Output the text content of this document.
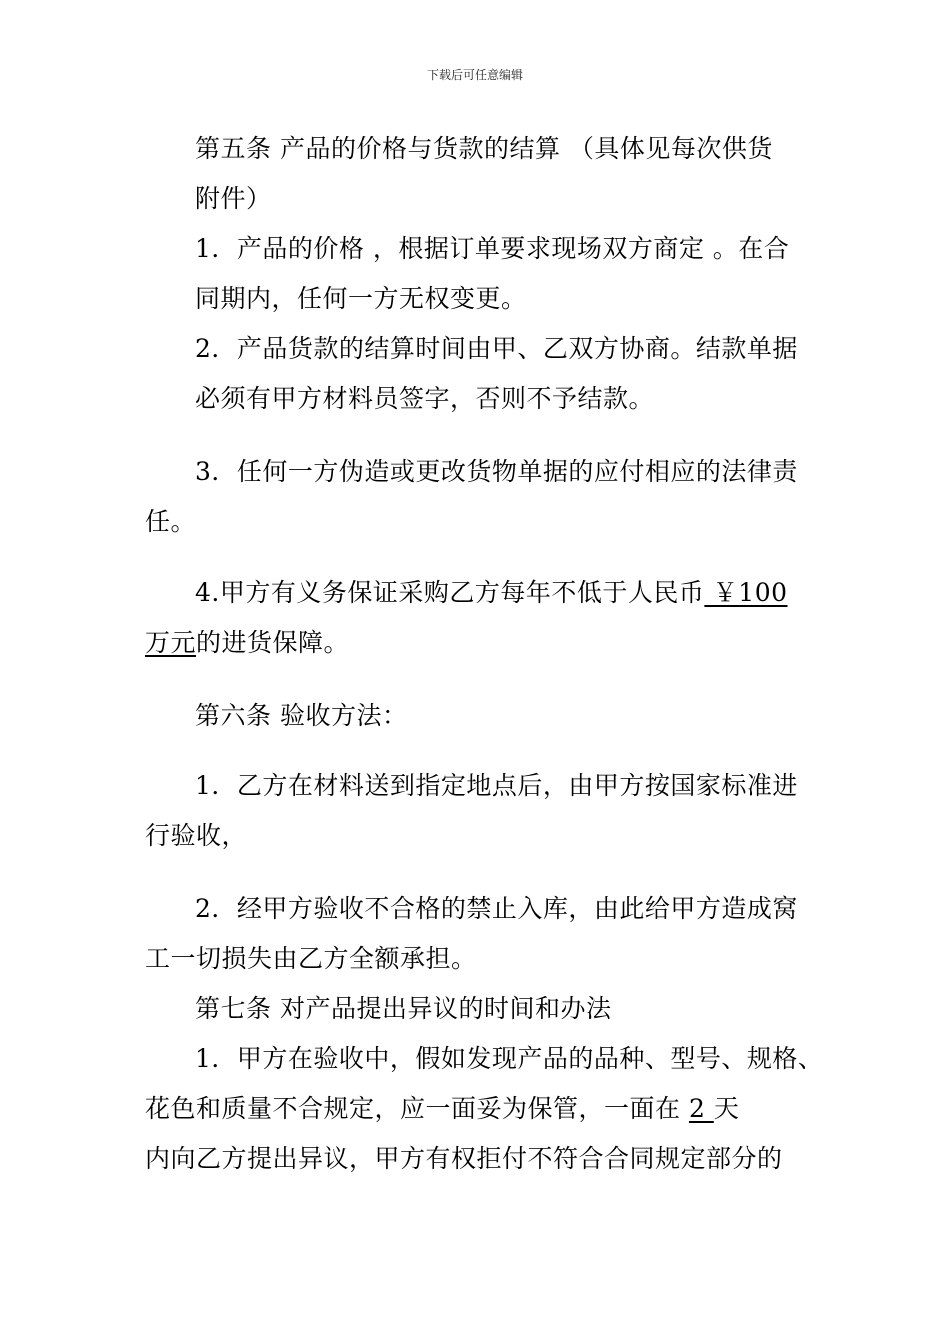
下载后可任意编辑
第五条 产品的价格与货款的结算 （具体见每次供货
附件）
1．产品的价格 ，根据订单要求现场双方商定 。在合
同期内，任何一方无权变更。
2．产品货款的结算时间由甲、乙双方协商。结款单据
必须有甲方材料员签字，否则不予结款。
3．任何一方伪造或更改货物单据的应付相应的法律责
任。
4.甲方有义务保证采购乙方每年不低于人民币 ￥100
万元的进货保障。
第六条 验收方法：
1．乙方在材料送到指定地点后，由甲方按国家标准进
行验收，
2．经甲方验收不合格的禁止入库，由此给甲方造成窝
工一切损失由乙方全额承担。
第七条 对产品提出异议的时间和办法
1．甲方在验收中，假如发现产品的品种、型号、规格、
花色和质量不合规定，应一面妥为保管，一面在 2 天
内向乙方提出异议，甲方有权拒付不符合合同规定部分的
